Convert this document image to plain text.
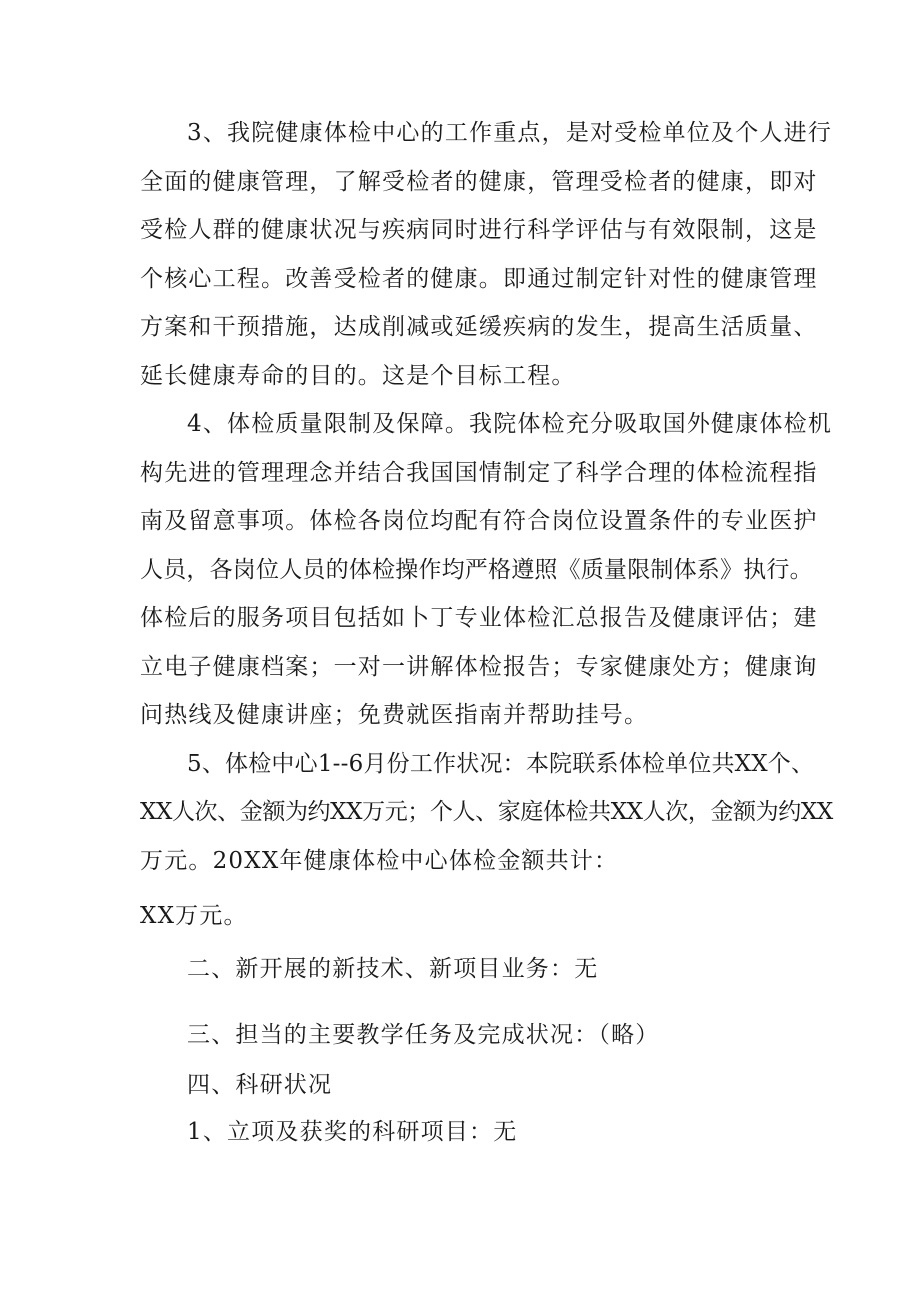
3、我院健康体检中心的工作重点，是对受检单位及个人进行
全面的健康管理，了解受检者的健康，管理受检者的健康，即对
受检人群的健康状况与疾病同时进行科学评估与有效限制，这是
个核心工程。改善受检者的健康。即通过制定针对性的健康管理
方案和干预措施，达成削减或延缓疾病的发生，提高生活质量、
延长健康寿命的目的。这是个目标工程。
4、体检质量限制及保障。我院体检充分吸取国外健康体检机
构先进的管理理念并结合我国国情制定了科学合理的体检流程指
南及留意事项。体检各岗位均配有符合岗位设置条件的专业医护
人员，各岗位人员的体检操作均严格遵照《质量限制体系》执行。
体检后的服务项目包括如卜丁专业体检汇总报告及健康评估；建
立电子健康档案；一对一讲解体检报告；专家健康处方；健康询
问热线及健康讲座；免费就医指南并帮助挂号。
5、体检中心1--6月份工作状况：本院联系体检单位共XX个、
XX人次、金额为约XX万元；个人、家庭体检共XX人次，金额为约XX
万元。20XX年健康体检中心体检金额共计：
XX万元。
二、新开展的新技术、新项目业务：无
三、担当的主要教学任务及完成状况：（略）
四、科研状况
1、立项及获奖的科研项目：无
